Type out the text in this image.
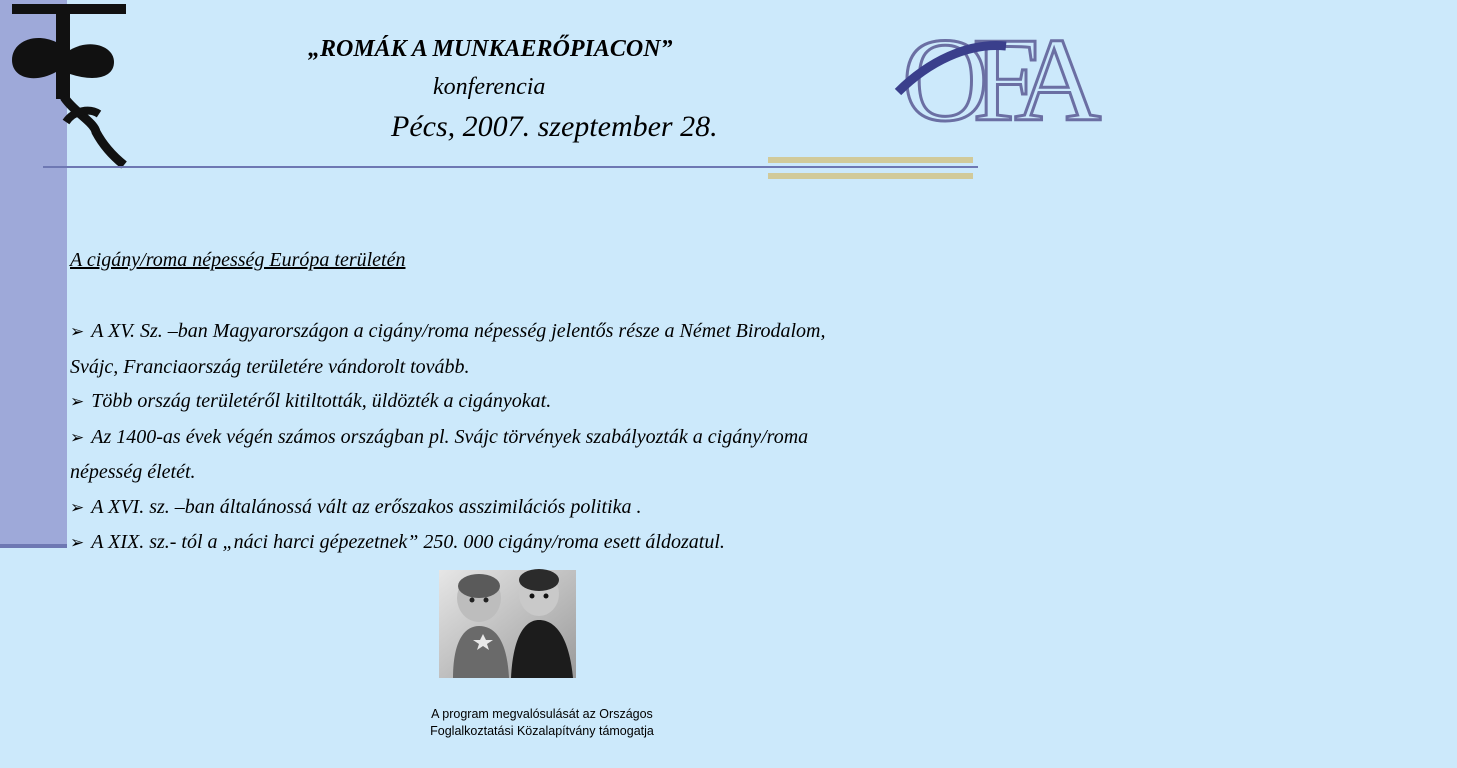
OFA
„ROMÁK A MUNKAERŐPIACON”
konferencia
Pécs, 2007. szeptember 28.
A cigány/roma népesség Európa területén
➢ A XV. Sz. –ban Magyarországon a cigány/roma népesség jelentős része a Német Birodalom,
Svájc, Franciaország területére vándorolt tovább.
➢ Több ország területéről kitiltották, üldözték a cigányokat.
➢ Az 1400-as évek végén számos országban pl. Svájc törvények szabályozták a cigány/roma
népesség életét.
➢ A XVI. sz. –ban általánossá vált az erőszakos asszimilációs politika .
➢ A XIX. sz.- tól a „náci harci gépezetnek” 250. 000 cigány/roma esett áldozatul.
A program megvalósulását az Országos
Foglalkoztatási Közalapítvány támogatja
